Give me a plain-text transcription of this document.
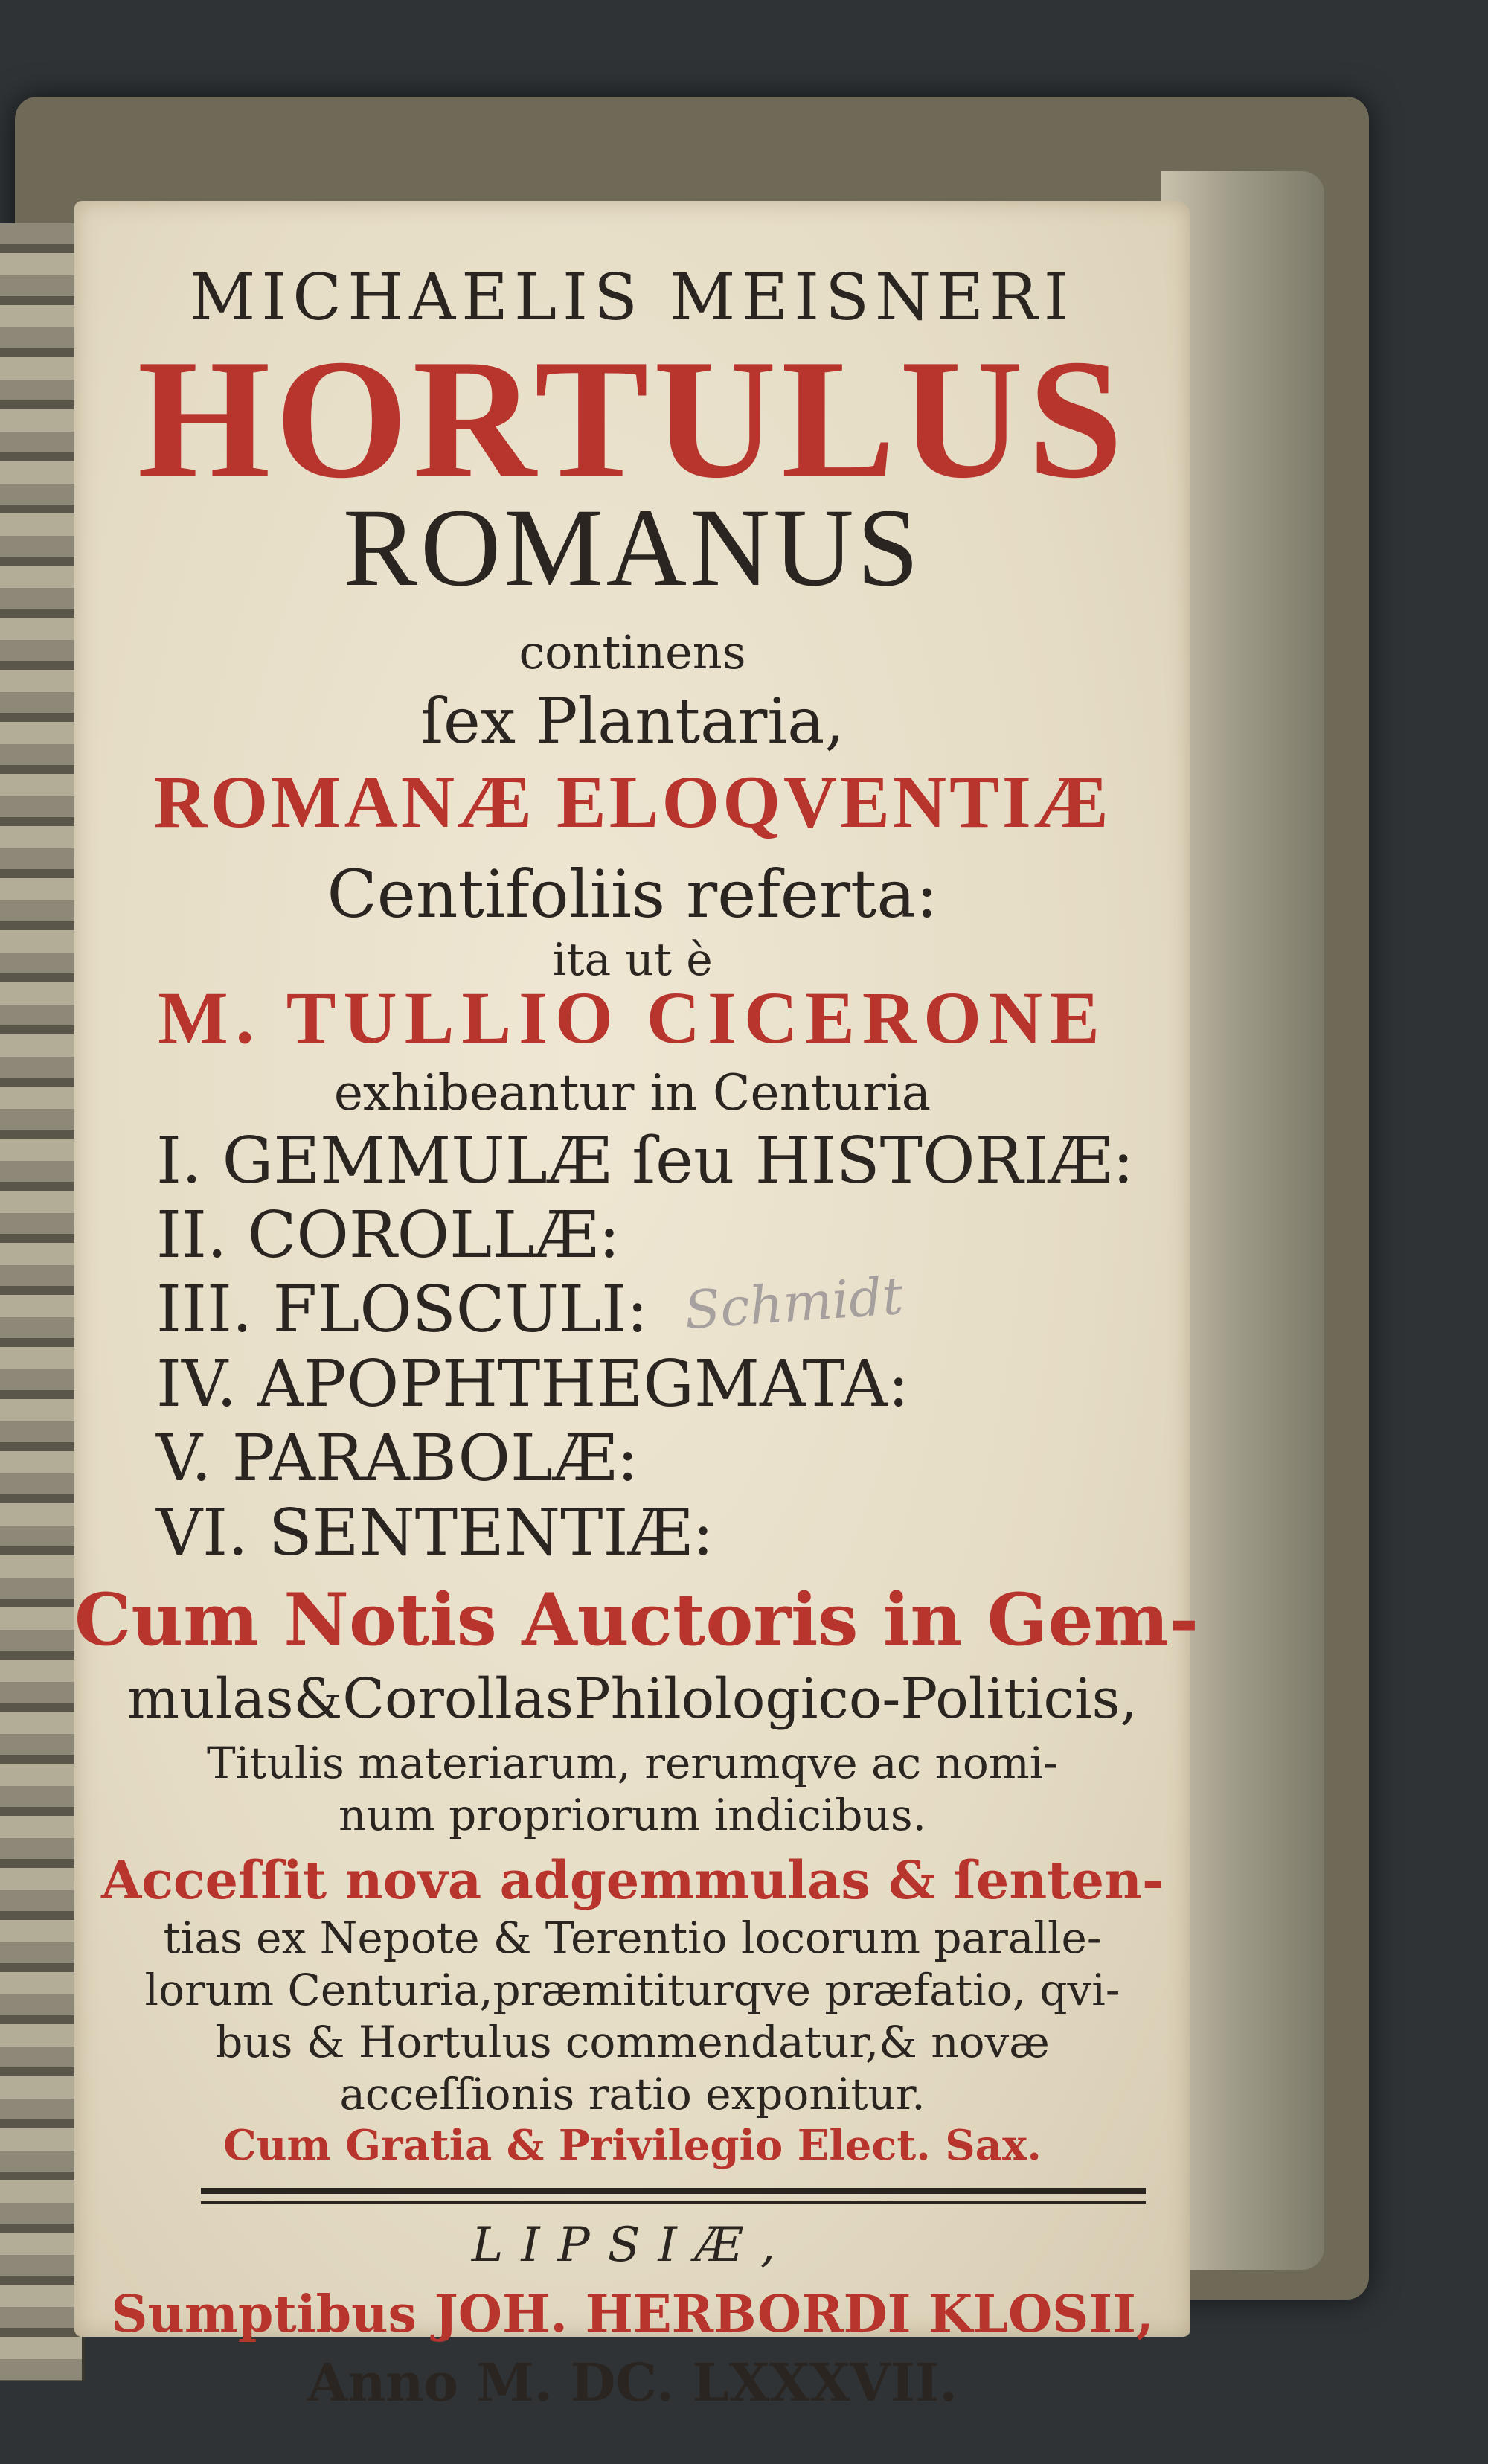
MICHAELIS MEISNERI
HORTULUS
ROMANUS
continens
ſex Plantaria,
ROMANÆ ELOQVENTIÆ
Centifoliis referta:
ita ut è
M. TULLIO CICERONE
exhibeantur in Centuria
I. GEMMULÆ ſeu HISTORIÆ:
II. COROLLÆ:
III. FLOSCULI:
IV. APOPHTHEGMATA:
V. PARABOLÆ:
VI. SENTENTIÆ:
Schmidt
Cum Notis Auctoris in Gem-
mulas&CorollasPhilologico-Politicis,
Titulis materiarum, rerumqve ac nomi-
num propriorum indicibus.
Acceſſit nova adgemmulas & ſenten-
tias ex Nepote & Terentio locorum paralle-
lorum Centuria,præmititurqve præfatio, qvi-
bus & Hortulus commendatur,& novæ
acceſſionis ratio exponitur.
Cum Gratia & Privilegio Elect. Sax.
LIPSIÆ,
Sumptibus JOH. HERBORDI KLOSII,
Anno M. DC. LXXXVII.
